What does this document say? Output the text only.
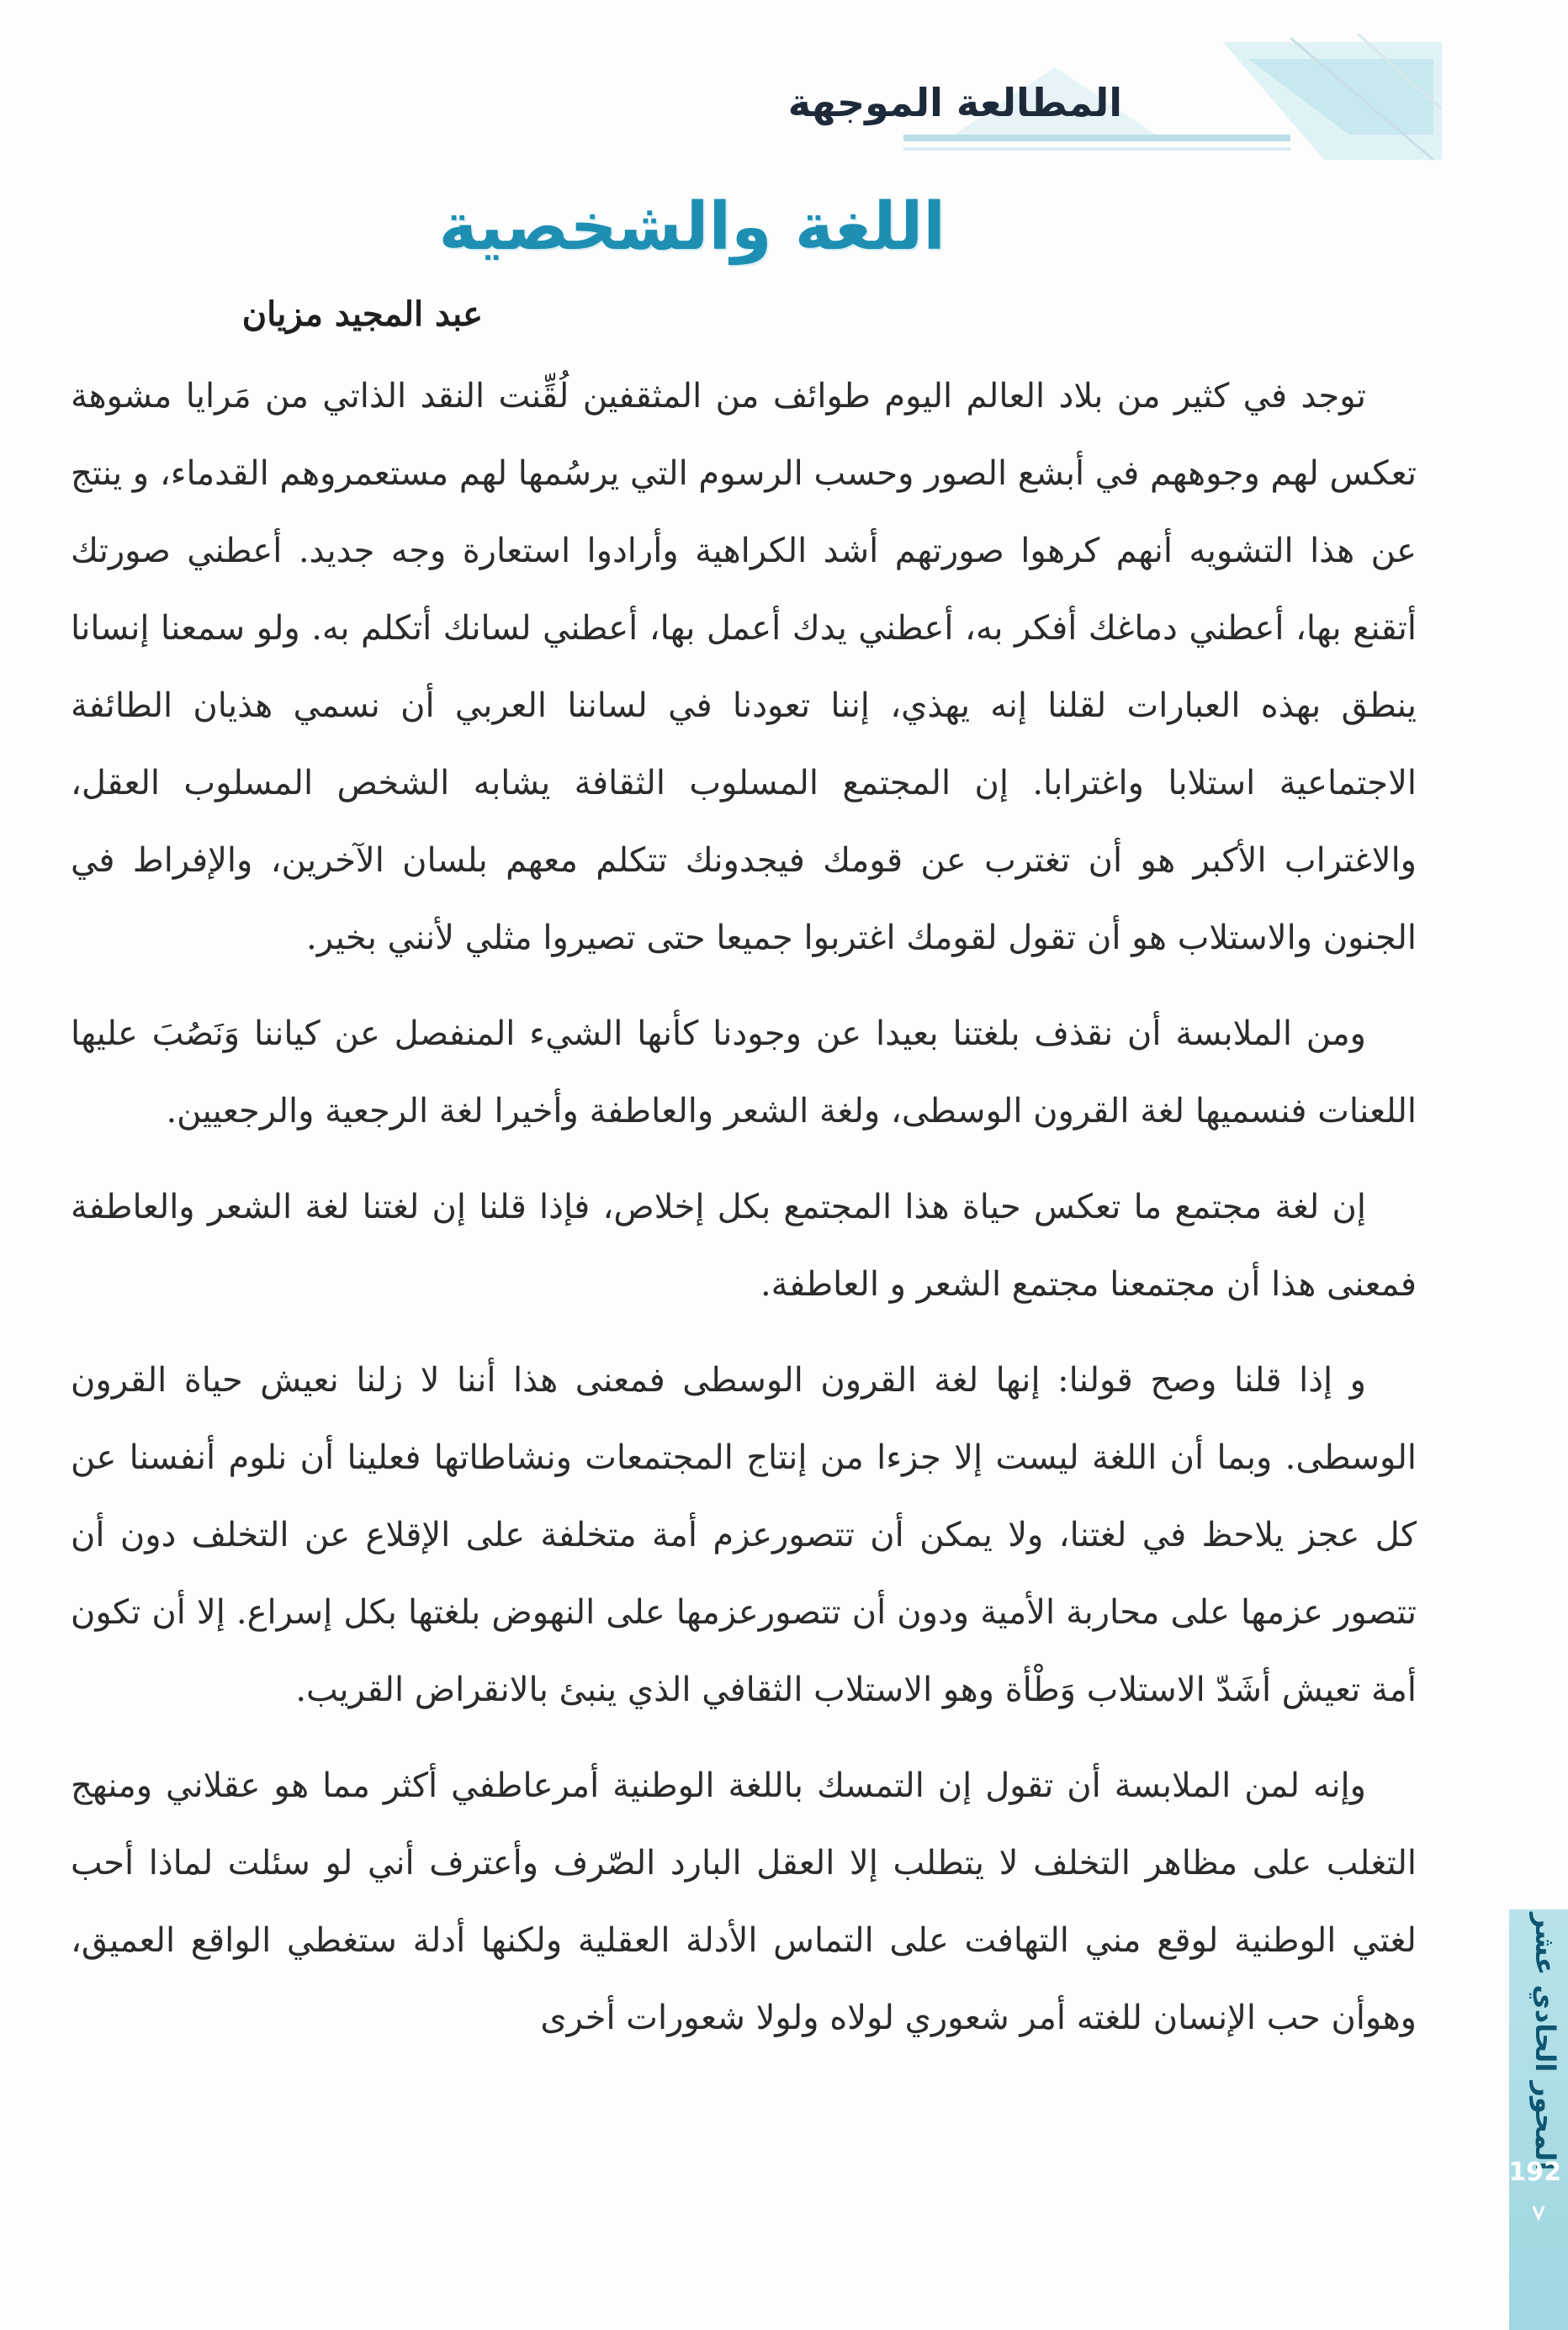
المطالعة الموجهة
اللغة والشخصية
عبد المجيد مزيان

توجد في كثير من بلاد العالم اليوم طوائف من المثقفين لُقِّنت النقد الذاتي من مَرايا مشوهة تعكس لهم وجوههم في أبشع الصور وحسب الرسوم التي يرسُمها لهم مستعمروهم القدماء، و ينتج عن هذا التشويه أنهم كرهوا صورتهم أشد الكراهية وأرادوا استعارة وجه جديد. أعطني صورتك أتقنع بها، أعطني دماغك أفكر به، أعطني يدك أعمل بها، أعطني لسانك أتكلم به. ولو سمعنا إنسانا ينطق بهذه العبارات لقلنا إنه يهذي، إننا تعودنا في لساننا العربي أن نسمي هذيان الطائفة الاجتماعية استلابا واغترابا. إن المجتمع المسلوب الثقافة يشابه الشخص المسلوب العقل، والاغتراب الأكبر هو أن تغترب عن قومك فيجدونك تتكلم معهم بلسان الآخرين، والإفراط في الجنون والاستلاب هو أن تقول لقومك اغتربوا جميعا حتى تصيروا مثلي لأنني بخير.

ومن الملابسة أن نقذف بلغتنا بعيدا عن وجودنا كأنها الشيء المنفصل عن كياننا وَنَصُبَ عليها اللعنات فنسميها لغة القرون الوسطى، ولغة الشعر والعاطفة وأخيرا لغة الرجعية والرجعيين.

إن لغة مجتمع ما تعكس حياة هذا المجتمع بكل إخلاص، فإذا قلنا إن لغتنا لغة الشعر والعاطفة فمعنى هذا أن مجتمعنا مجتمع الشعر و العاطفة.

و إذا قلنا وصح قولنا: إنها لغة القرون الوسطى فمعنى هذا أننا لا زلنا نعيش حياة القرون الوسطى. وبما أن اللغة ليست إلا جزءا من إنتاج المجتمعات ونشاطاتها فعلينا أن نلوم أنفسنا عن كل عجز يلاحظ في لغتنا، ولا يمكن أن تتصورعزم أمة متخلفة على الإقلاع عن التخلف دون أن تتصور عزمها على محاربة الأمية ودون أن تتصورعزمها على النهوض بلغتها بكل إسراع. إلا أن تكون أمة تعيش أشَدّ الاستلاب وَطْأة وهو الاستلاب الثقافي الذي ينبئ بالانقراض القريب.

وإنه لمن الملابسة أن تقول إن التمسك باللغة الوطنية أمرعاطفي أكثر مما هو عقلاني ومنهج التغلب على مظاهر التخلف لا يتطلب إلا العقل البارد الصّرف وأعترف أني لو سئلت لماذا أحب لغتي الوطنية لوقع مني التهافت على التماس الأدلة العقلية ولكنها أدلة ستغطي الواقع العميق، وهوأن حب الإنسان للغته أمر شعوري لولاه ولولا شعورات أخرى	المحور الحادي عشر
192
